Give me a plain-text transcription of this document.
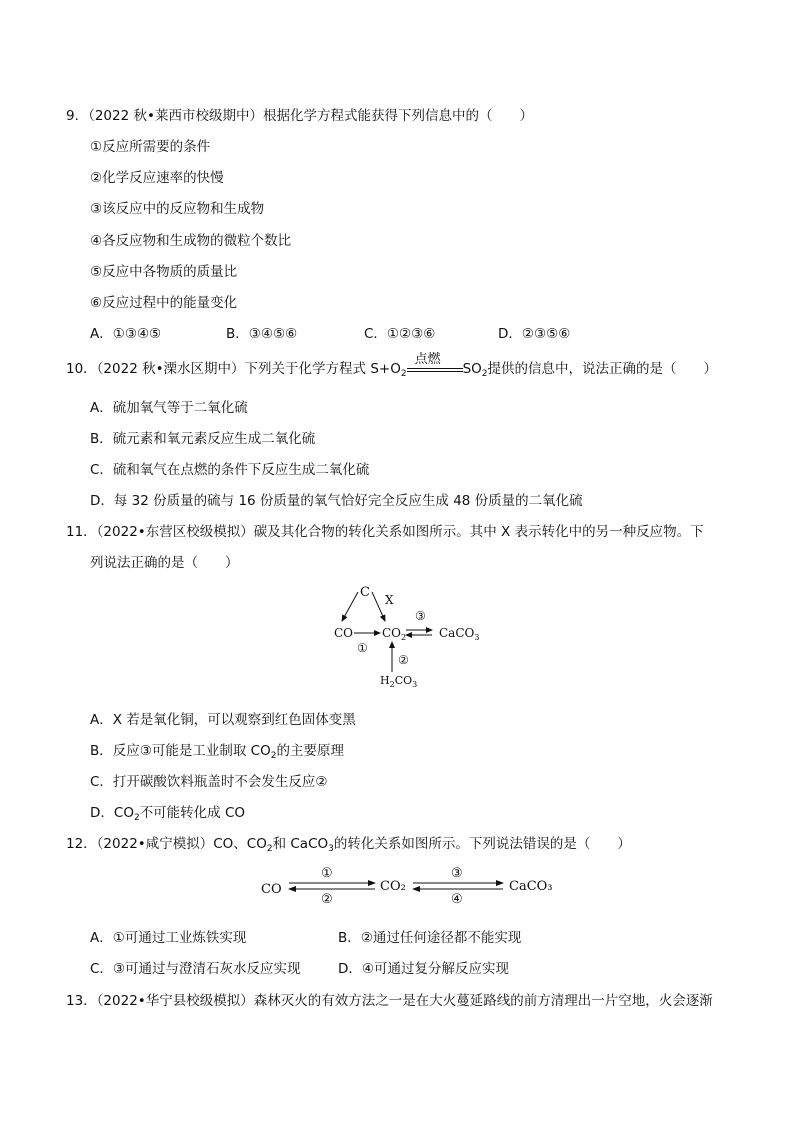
9．（2022 秋•莱西市校级期中）根据化学方程式能获得下列信息中的（　　）
①反应所需要的条件
②化学反应速率的快慢
③该反应中的反应物和生成物
④各反应物和生成物的微粒个数比
⑤反应中各物质的质量比
⑥反应过程中的能量变化
A．①③④⑤	B．③④⑤⑥	C．①②③⑥	D．②③⑤⑥
10．（2022 秋•溧水区期中）下列关于化学方程式 $S+O_2$
点燃
$SO_2$提供的信息中，说法正确的是（　　）
A．硫加氧气等于二氧化硫
B．硫元素和氧元素反应生成二氧化硫
C．硫和氧气在点燃的条件下反应生成二氧化硫
D．每 32 份质量的硫与 16 份质量的氧气恰好完全反应生成 48 份质量的二氧化硫
11．（2022•东营区校级模拟）碳及其化合物的转化关系如图所示。其中 X 表示转化中的另一种反应物。下
列说法正确的是（　　）
C X
CO
①
$CO_2$
③
CaCO$_3$
②
$H_2CO_3$
A．X 若是氧化铜，可以观察到红色固体变黑
B．反应③可能是工业制取 $CO_2$的主要原理
C．打开碳酸饮料瓶盖时不会发生反应②
D．$CO_2$不可能转化成 CO
12．（2022•咸宁模拟）CO、$CO_2$和 CaCO$_3$的转化关系如图所示。下列说法错误的是（　　）
CO
①
②
CO₂
③
④
CaCO₃
A．①可通过工业炼铁实现	B．②通过任何途径都不能实现
C．③可通过与澄清石灰水反应实现	D．④可通过复分解反应实现
13．（2022•华宁县校级模拟）森林灭火的有效方法之一是在大火蔓延路线的前方清理出一片空地，火会逐渐
